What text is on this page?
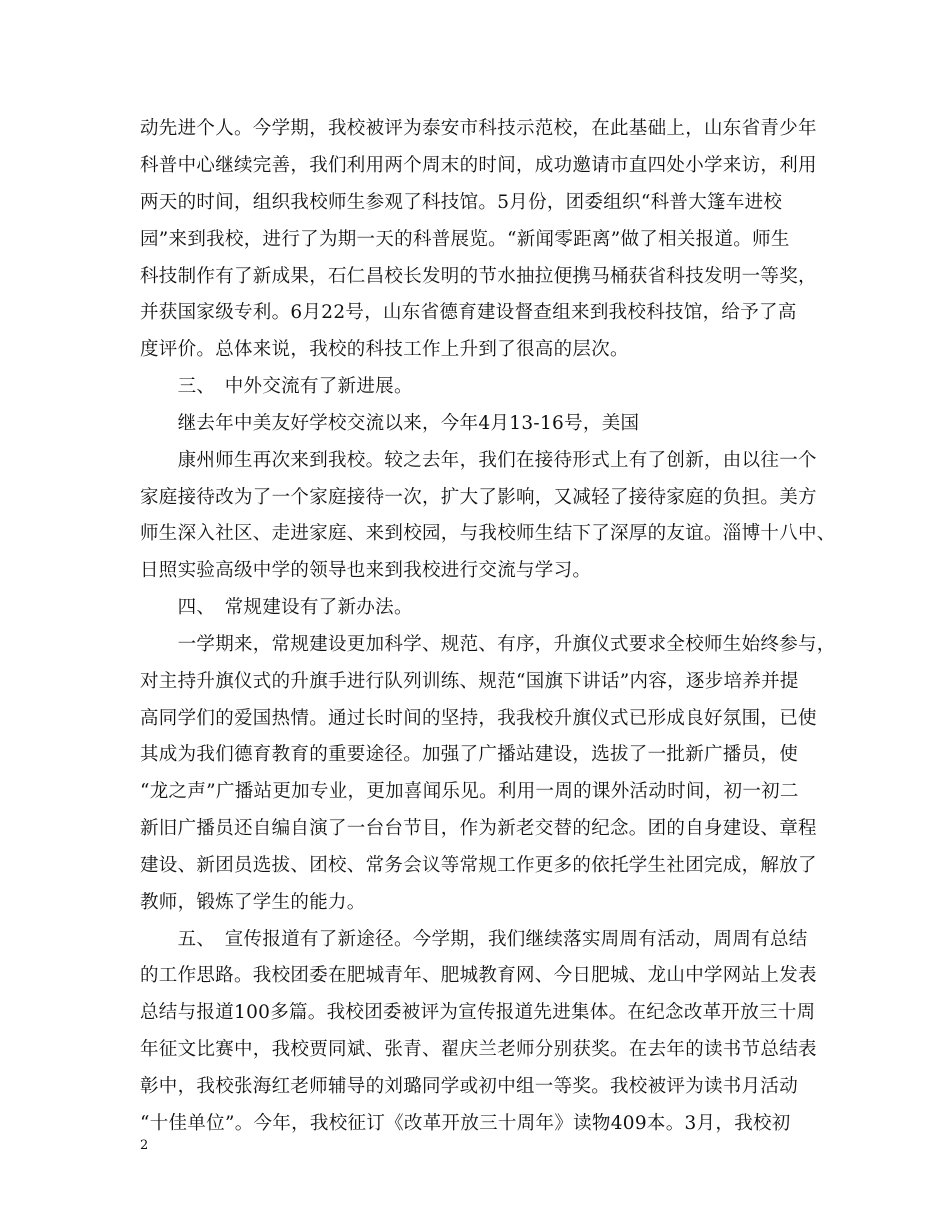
动先进个人。今学期，我校被评为泰安市科技示范校，在此基础上，山东省青少年
科普中心继续完善，我们利用两个周末的时间，成功邀请市直四处小学来访，利用
两天的时间，组织我校师生参观了科技馆。5月份，团委组织“科普大篷车进校
园”来到我校，进行了为期一天的科普展览。“新闻零距离”做了相关报道。师生
科技制作有了新成果，石仁昌校长发明的节水抽拉便携马桶获省科技发明一等奖，
并获国家级专利。6月22号，山东省德育建设督查组来到我校科技馆，给予了高
度评价。总体来说，我校的科技工作上升到了很高的层次。
　　三、　中外交流有了新进展。
　　继去年中美友好学校交流以来，今年4月13-16号，美国
　　康州师生再次来到我校。较之去年，我们在接待形式上有了创新，由以往一个
家庭接待改为了一个家庭接待一次，扩大了影响，又减轻了接待家庭的负担。美方
师生深入社区、走进家庭、来到校园，与我校师生结下了深厚的友谊。淄博十八中、
日照实验高级中学的领导也来到我校进行交流与学习。
　　四、　常规建设有了新办法。
　　一学期来，常规建设更加科学、规范、有序，升旗仪式要求全校师生始终参与，
对主持升旗仪式的升旗手进行队列训练、规范“国旗下讲话”内容，逐步培养并提
高同学们的爱国热情。通过长时间的坚持，我我校升旗仪式已形成良好氛围，已使
其成为我们德育教育的重要途径。加强了广播站建设，选拔了一批新广播员，使
“龙之声”广播站更加专业，更加喜闻乐见。利用一周的课外活动时间，初一初二
新旧广播员还自编自演了一台台节目，作为新老交替的纪念。团的自身建设、章程
建设、新团员选拔、团校、常务会议等常规工作更多的依托学生社团完成，解放了
教师，锻炼了学生的能力。
　　五、　宣传报道有了新途径。今学期，我们继续落实周周有活动，周周有总结
的工作思路。我校团委在肥城青年、肥城教育网、今日肥城、龙山中学网站上发表
总结与报道100多篇。我校团委被评为宣传报道先进集体。在纪念改革开放三十周
年征文比赛中，我校贾同斌、张青、翟庆兰老师分别获奖。在去年的读书节总结表
彰中，我校张海红老师辅导的刘璐同学或初中组一等奖。我校被评为读书月活动
“十佳单位”。今年，我校征订《改革开放三十周年》读物409本。3月，我校初
2
